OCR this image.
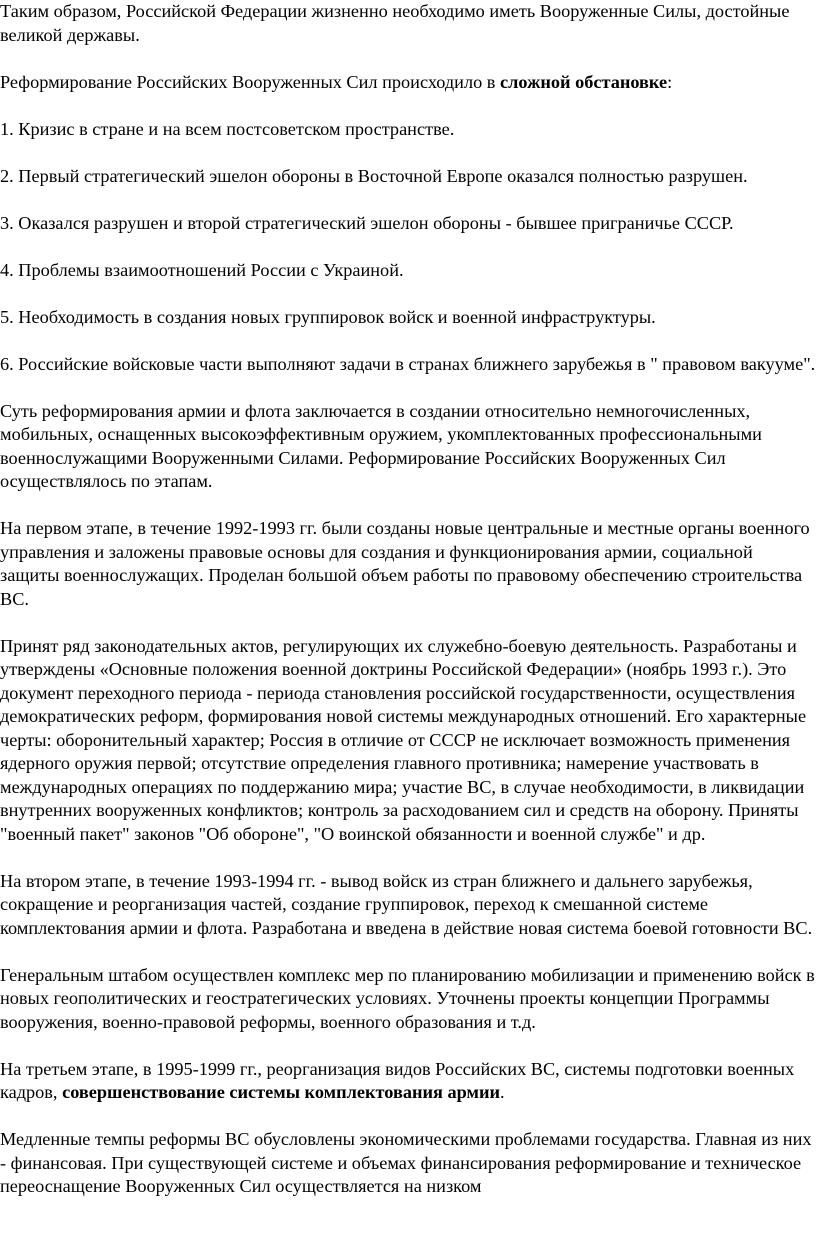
Таким образом, Российской Федерации жизненно необходимо иметь Вооруженные Силы, достойные великой державы.

Реформирование Российских Вооруженных Сил происходило в сложной обстановке:

1. Кризис в стране и на всем постсоветском пространстве.

2. Первый стратегический эшелон обороны в Восточной Европе оказался полностью разрушен.

3. Оказался разрушен и второй стратегический эшелон обороны - бывшее приграничье СССР.

4. Проблемы взаимоотношений России с Украиной.

5. Необходимость в создания новых группировок войск и военной инфраструктуры.

6. Российские войсковые части выполняют задачи в странах ближнего зарубежья в " правовом вакууме".

Суть реформирования армии и флота заключается в создании относительно немногочисленных, мобильных, оснащенных высокоэффективным оружием, укомплектованных профессиональными военнослужащими Вооруженными Силами. Реформирование Российских Вооруженных Сил осуществлялось по этапам.

На первом этапе, в течение 1992-1993 гг. были созданы новые центральные и местные органы военного управления и заложены правовые основы для создания и функционирования армии, социальной защиты военнослужащих. Проделан большой объем работы по правовому обеспечению строительства ВС.

Принят ряд законодательных актов, регулирующих их служебно-боевую деятельность. Разработаны и утверждены «Основные положения военной доктрины Российской Федерации» (ноябрь 1993 г.). Это документ переходного периода - периода становления российской государственности, осуществления демократических реформ, формирования новой системы международных отношений. Его характерные черты: оборонительный характер; Россия в отличие от СССР не исключает возможность применения ядерного оружия первой; отсутствие определения главного противника; намерение участвовать в международных операциях по поддержанию мира; участие ВС, в случае необходимости, в ликвидации внутренних вооруженных конфликтов; контроль за расходованием сил и средств на оборону. Приняты "военный пакет" законов "Об обороне", "О воинской обязанности и военной службе" и др.

На втором этапе, в течение 1993-1994 гг. - вывод войск из стран ближнего и дальнего зарубежья, сокращение и реорганизация частей, создание группировок, переход к смешанной системе комплектования армии и флота. Разработана и введена в действие новая система боевой готовности ВС.

Генеральным штабом осуществлен комплекс мер по планированию мобилизации и применению войск в новых геополитических и геостратегических условиях. Уточнены проекты концепции Программы вооружения, военно-правовой реформы, военного образования и т.д.

На третьем этапе, в 1995-1999 гг., реорганизация видов Российских ВС, системы подготовки военных кадров, совершенствование системы комплектования армии.

Медленные темпы реформы ВС обусловлены экономическими проблемами государства. Главная из них - финансовая. При существующей системе и объемах финансирования реформирование и техническое переоснащение Вооруженных Сил осуществляется на низком
